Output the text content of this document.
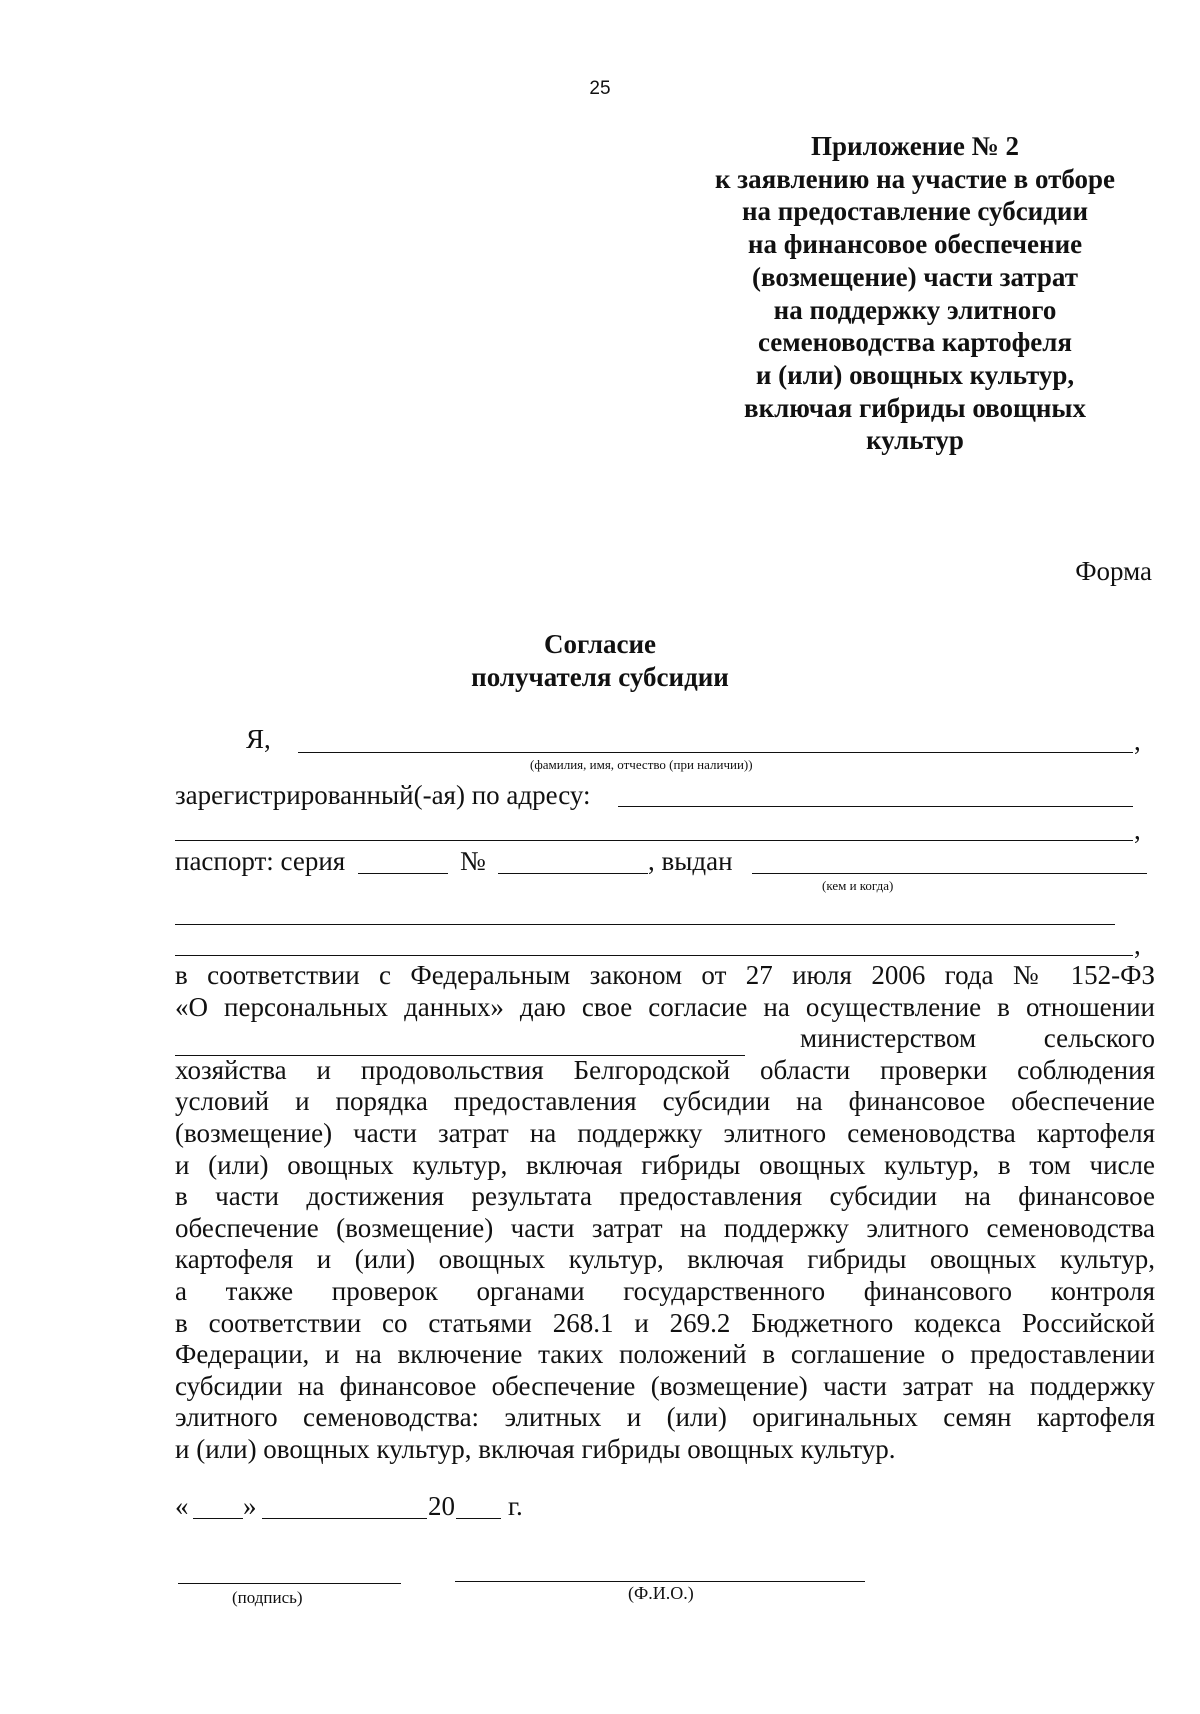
25
Приложение № 2
к заявлению на участие в отборе
на предоставление субсидии
на финансовое обеспечение
(возмещение) части затрат
на поддержку элитного
семеноводства картофеля
и (или) овощных культур,
включая гибриды овощных
культур
Форма
Согласие
получателя субсидии
Я,	,
(фамилия, имя, отчество (при наличии))
зарегистрированный(-ая) по адресу:
,
паспорт: серия	№	, выдан
(кем и когда)
,
в соответствии с Федеральным законом от 27 июля 2006 года № 152-ФЗ
«О персональных данных» даю свое согласие на осуществление в отношении
министерством сельского
хозяйства и продовольствия Белгородской области проверки соблюдения
условий и порядка предоставления субсидии на финансовое обеспечение
(возмещение) части затрат на поддержку элитного семеноводства картофеля
и (или) овощных культур, включая гибриды овощных культур, в том числе
в части достижения результата предоставления субсидии на финансовое
обеспечение (возмещение) части затрат на поддержку элитного семеноводства
картофеля и (или) овощных культур, включая гибриды овощных культур,
а также проверок органами государственного финансового контроля
в соответствии со статьями 268.1 и 269.2 Бюджетного кодекса Российской
Федерации, и на включение таких положений в соглашение о предоставлении
субсидии на финансовое обеспечение (возмещение) части затрат на поддержку
элитного семеноводства: элитных и (или) оригинальных семян картофеля
и (или) овощных культур, включая гибриды овощных культур.
« »	20 г.
(подпись)	(Ф.И.О.)
